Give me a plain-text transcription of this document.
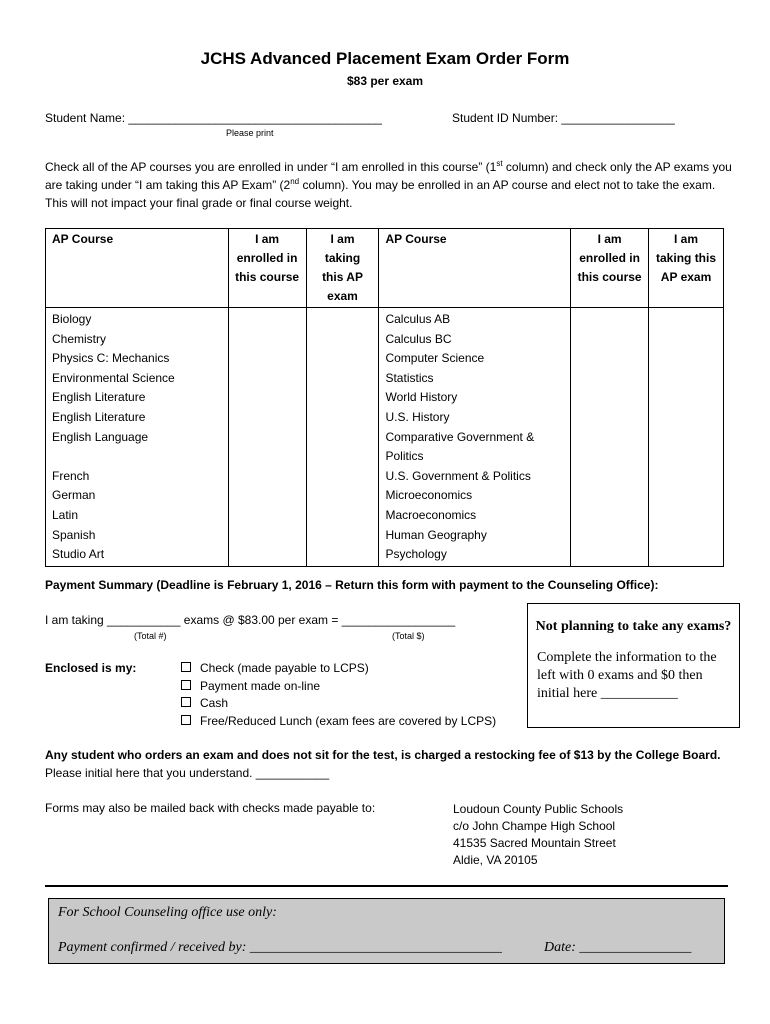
JCHS Advanced Placement Exam Order Form
$83 per exam
Student Name: ______________________________________
Please print
Student ID Number: _________________
Check all of the AP courses you are enrolled in under “I am enrolled in this course” (1st column) and check only the AP exams you are taking under “I am taking this AP Exam” (2nd column). You may be enrolled in an AP course and elect not to take the exam. This will not impact your final grade or final course weight.
AP Course	I am enrolled in this course	I am taking this AP exam	AP Course	I am enrolled in this course	I am taking this AP exam
Biology			Calculus AB		
Chemistry			Calculus BC		
Physics C: Mechanics			Computer Science		
Environmental Science			Statistics		
English Literature			World History		
English Literature			U.S. History		
English Language			Comparative Government & Politics		
French			U.S. Government & Politics		
German			Microeconomics		
Latin			Macroeconomics		
Spanish			Human Geography		
Studio Art			Psychology		
Payment Summary (Deadline is February 1, 2016 – Return this form with payment to the Counseling Office):
I am taking ___________ exams @ $83.00 per exam = _________________
(Total #)	(Total $)
Enclosed is my:	Check (made payable to LCPS)
Payment made on-line
Cash
Free/Reduced Lunch (exam fees are covered by LCPS)
Not planning to take any exams?
Complete the information to the left with 0 exams and $0 then initial here ___________
Any student who orders an exam and does not sit for the test, is charged a restocking fee of $13 by the College Board.
Please initial here that you understand. ___________
Forms may also be mailed back with checks made payable to:	Loudoun County Public Schools
c/o John Champe High School
41535 Sacred Mountain Street
Aldie, VA 20105
For School Counseling office use only:
Payment confirmed / received by: ____________________________________	Date: ________________
